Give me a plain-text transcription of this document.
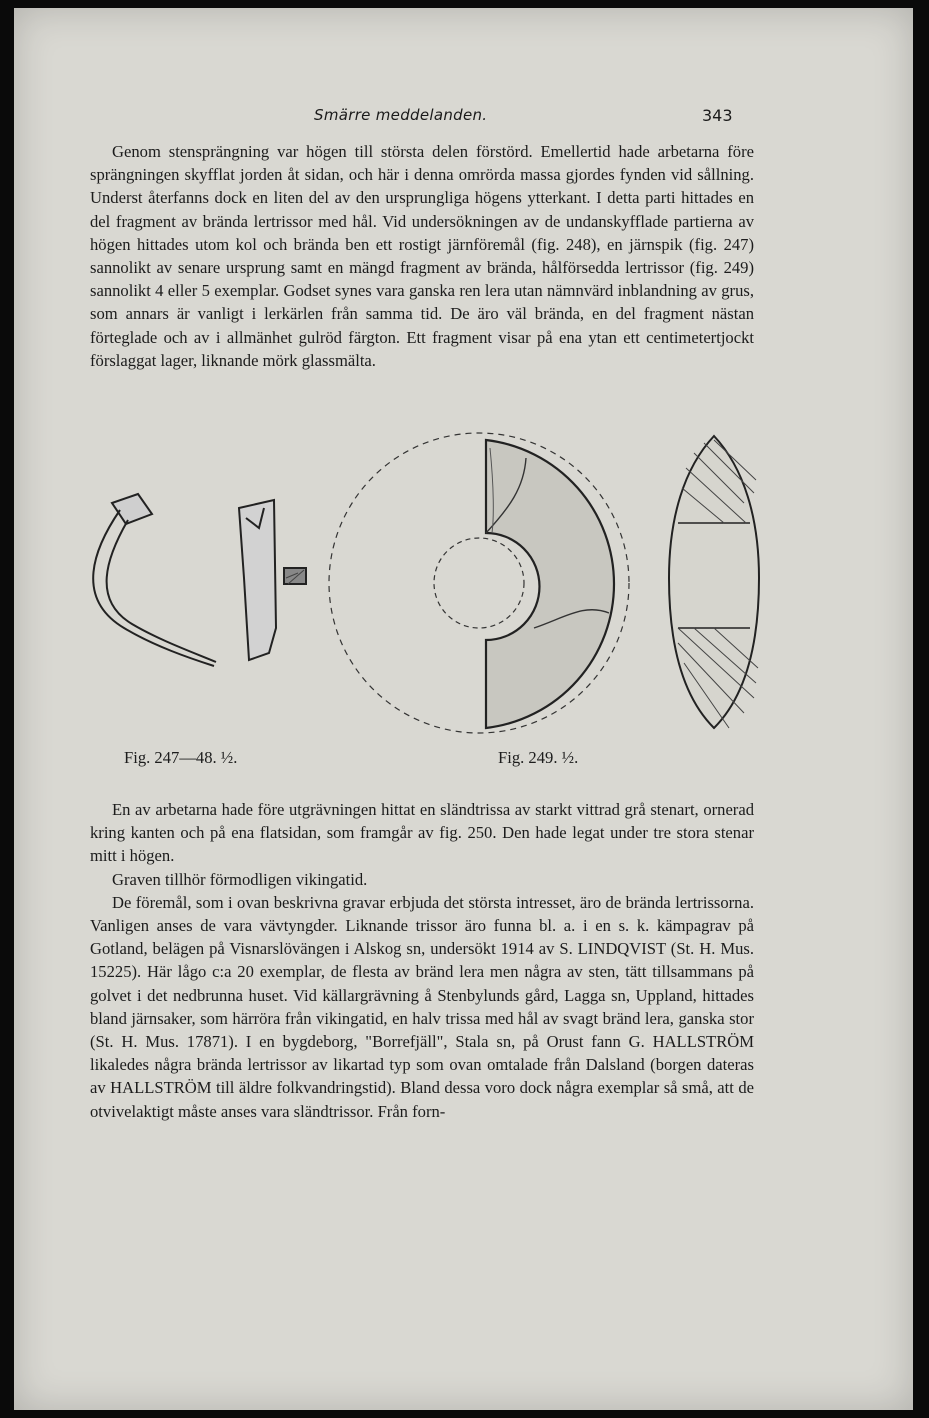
Smärre meddelanden.	343

Genom stensprängning var högen till största delen förstörd. Emellertid hade arbetarna före sprängningen skyfflat jorden åt sidan, och här i denna omrörda massa gjordes fynden vid sållning. Underst återfanns dock en liten del av den ursprungliga högens ytterkant. I detta parti hittades en del fragment av brända lertrissor med hål. Vid undersökningen av de undanskyfflade partierna av högen hittades utom kol och brända ben ett rostigt järnföremål (fig. 248), en järnspik (fig. 247) sannolikt av senare ursprung samt en mängd fragment av brända, hålförsedda lertrissor (fig. 249) sannolikt 4 eller 5 exemplar. Godset synes vara ganska ren lera utan nämnvärd inblandning av grus, som annars är vanligt i lerkärlen från samma tid. De äro väl brända, en del fragment nästan förteglade och av i allmänhet gulröd färgton. Ett fragment visar på ena ytan ett centimetertjockt förslaggat lager, liknande mörk glassmälta.

Fig. 247—48. ½.	Fig. 249. ½.

En av arbetarna hade före utgrävningen hittat en sländtrissa av starkt vittrad grå stenart, ornerad kring kanten och på ena flatsidan, som framgår av fig. 250. Den hade legat under tre stora stenar mitt i högen.

Graven tillhör förmodligen vikingatid.

De föremål, som i ovan beskrivna gravar erbjuda det största intresset, äro de brända lertrissorna. Vanligen anses de vara vävtyngder. Liknande trissor äro funna bl. a. i en s. k. kämpagrav på Gotland, belägen på Visnarslövängen i Alskog sn, undersökt 1914 av S. LINDQVIST (St. H. Mus. 15225). Här lågo c:a 20 exemplar, de flesta av bränd lera men några av sten, tätt tillsammans på golvet i det nedbrunna huset. Vid källargrävning å Stenbylunds gård, Lagga sn, Uppland, hittades bland järnsaker, som härröra från vikingatid, en halv trissa med hål av svagt bränd lera, ganska stor (St. H. Mus. 17871). I en bygdeborg, "Borrefjäll", Stala sn, på Orust fann G. HALLSTRÖM likaledes några brända lertrissor av likartad typ som ovan omtalade från Dalsland (borgen dateras av HALLSTRÖM till äldre folkvandringstid). Bland dessa voro dock några exemplar så små, att de otvivelaktigt måste anses vara sländtrissor. Från forn-
